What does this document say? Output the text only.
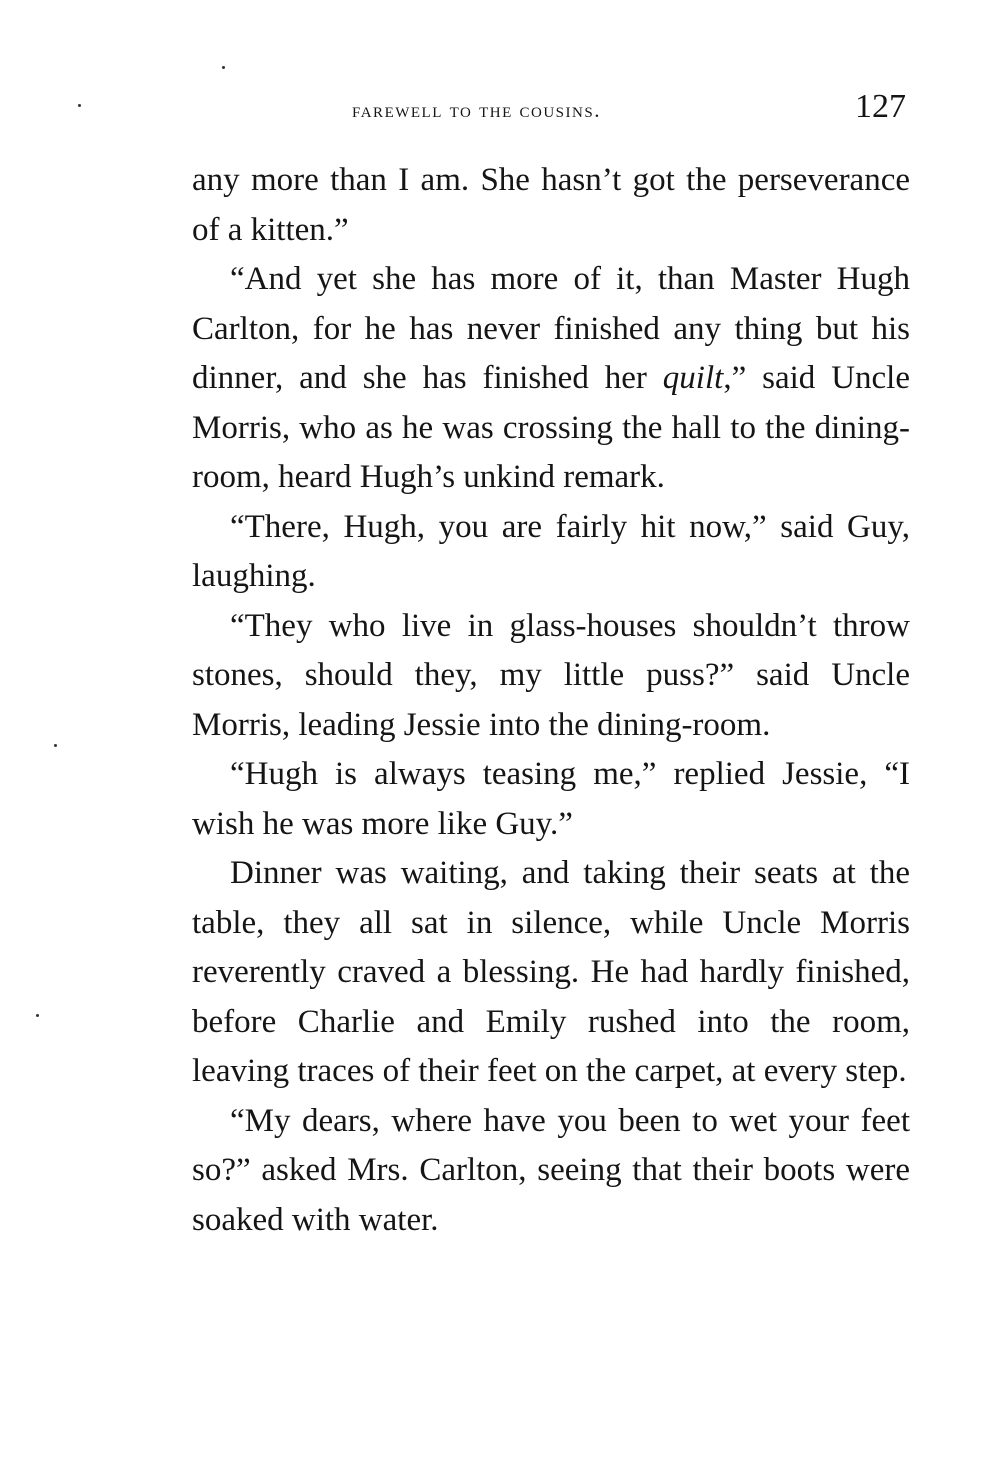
farewell to the cousins.	127

any more than I am. She hasn’t got the perseverance of a kitten.”

“And yet she has more of it, than Master Hugh Carlton, for he has never finished any thing but his dinner, and she has finished her quilt,” said Uncle Morris, who as he was crossing the hall to the dining-room, heard Hugh’s unkind remark.

“There, Hugh, you are fairly hit now,” said Guy, laughing.

“They who live in glass-houses shouldn’t throw stones, should they, my little puss?” said Uncle Morris, leading Jessie into the dining-room.

“Hugh is always teasing me,” replied Jessie, “I wish he was more like Guy.”

Dinner was waiting, and taking their seats at the table, they all sat in silence, while Uncle Morris reverently craved a blessing. He had hardly finished, before Charlie and Emily rushed into the room, leaving traces of their feet on the carpet, at every step.

“My dears, where have you been to wet your feet so?” asked Mrs. Carlton, seeing that their boots were soaked with water.
